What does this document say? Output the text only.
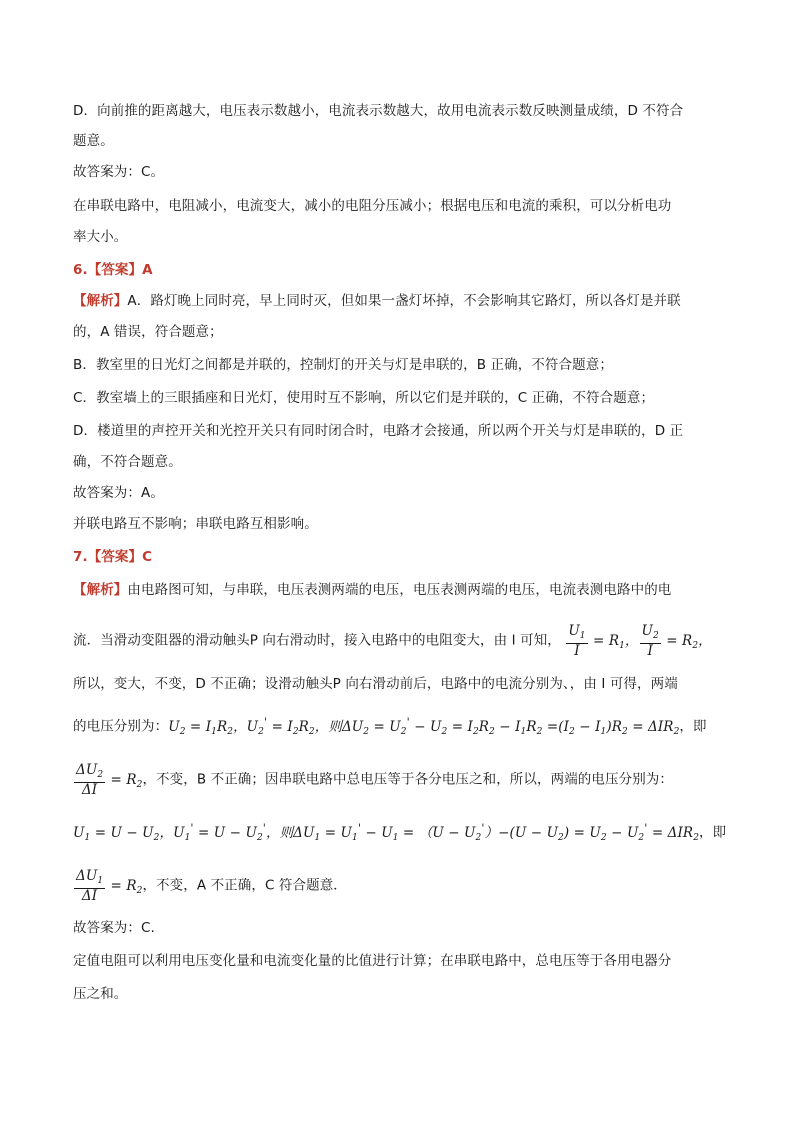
D．向前推的距离越大，电压表示数越小，电流表示数越大，故用电流表示数反映测量成绩，D 不符合
题意。
故答案为：C。
在串联电路中，电阻减小，电流变大，减小的电阻分压减小；根据电压和电流的乘积，可以分析电功
率大小。
6.【答案】A
【解析】A．路灯晚上同时亮，早上同时灭，但如果一盏灯坏掉，不会影响其它路灯，所以各灯是并联
的，A 错误，符合题意；
B．教室里的日光灯之间都是并联的，控制灯的开关与灯是串联的，B 正确，不符合题意；
C．教室墙上的三眼插座和日光灯，使用时互不影响，所以它们是并联的，C 正确，不符合题意；
D．楼道里的声控开关和光控开关只有同时闭合时，电路才会接通，所以两个开关与灯是串联的，D 正
确，不符合题意。
故答案为：A。
并联电路互不影响；串联电路互相影响。
7.【答案】C
【解析】由电路图可知，与串联，电压表测两端的电压，电压表测两端的电压，电流表测电路中的电
流．当滑动变阻器的滑动触头P 向右滑动时，接入电路中的电阻变大，由 I 可知， $\frac{U_1}{I} = R_1$， $\frac{U_2}{I} = R_2$，
所以，变大，不变，D 不正确；设滑动触头P 向右滑动前后，电路中的电流分别为、，由 I 可得，两端
的电压分别为：$U_2 = I_1R_2$，$U_2' = I_2R_2$，则$\Delta U_2 = U_2' - U_2 = I_2R_2 - I_1R_2 =(I_2 - I_1)R_2 = \Delta IR_2$，即
$\frac{\Delta U_2}{\Delta I} = R_2$，不变，B 不正确；因串联电路中总电压等于各分电压之和，所以，两端的电压分别为：
$U_1 = U - U_2$，$U_1' = U - U_2'$，则$\Delta U_1 = U_1' - U_1 = (U - U_2')-(U - U_2) = U_2 - U_2' = \Delta IR_2$，即
$\frac{\Delta U_1}{\Delta I} = R_2$，不变，A 不正确，C 符合题意．
故答案为：C.
定值电阻可以利用电压变化量和电流变化量的比值进行计算；在串联电路中，总电压等于各用电器分
压之和。
